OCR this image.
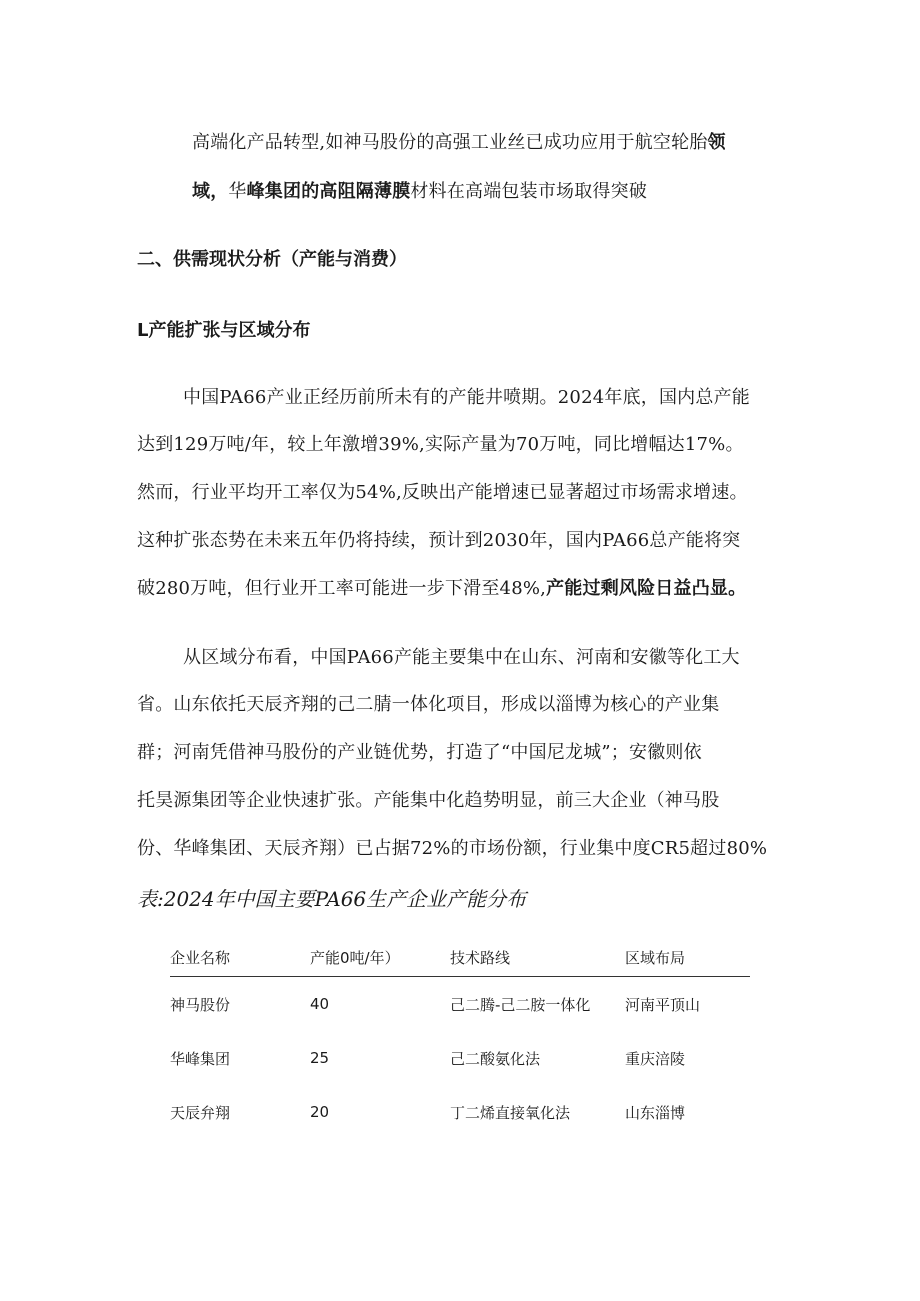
高端化产品转型,如神马股份的高强工业丝已成功应用于航空轮胎领
域，华峰集团的高阻隔薄膜材料在高端包装市场取得突破
二、供需现状分析（产能与消费）
L产能扩张与区域分布
中国PA66产业正经历前所未有的产能井喷期。2024年底，国内总产能
达到129万吨/年，较上年激增39%,实际产量为70万吨，同比增幅达17%。
然而，行业平均开工率仅为54%,反映出产能增速已显著超过市场需求增速。
这种扩张态势在未来五年仍将持续，预计到2030年，国内PA66总产能将突
破280万吨，但行业开工率可能进一步下滑至48%,产能过剩风险日益凸显。
从区域分布看，中国PA66产能主要集中在山东、河南和安徽等化工大
省。山东依托天辰齐翔的己二腈一体化项目，形成以淄博为核心的产业集
群；河南凭借神马股份的产业链优势，打造了“中国尼龙城”；安徽则依
托昊源集团等企业快速扩张。产能集中化趋势明显，前三大企业（神马股
份、华峰集团、天辰齐翔）已占据72%的市场份额，行业集中度CR5超过80%
表:2024年中国主要PA66生产企业产能分布
企业名称	产能0吨/年）	技术路线	区域布局
神马股份	40	己二腾-己二胺一体化	河南平顶山
华峰集团	25	己二酸氨化法	重庆涪陵
天辰弁翔	20	丁二烯直接氧化法	山东淄博
